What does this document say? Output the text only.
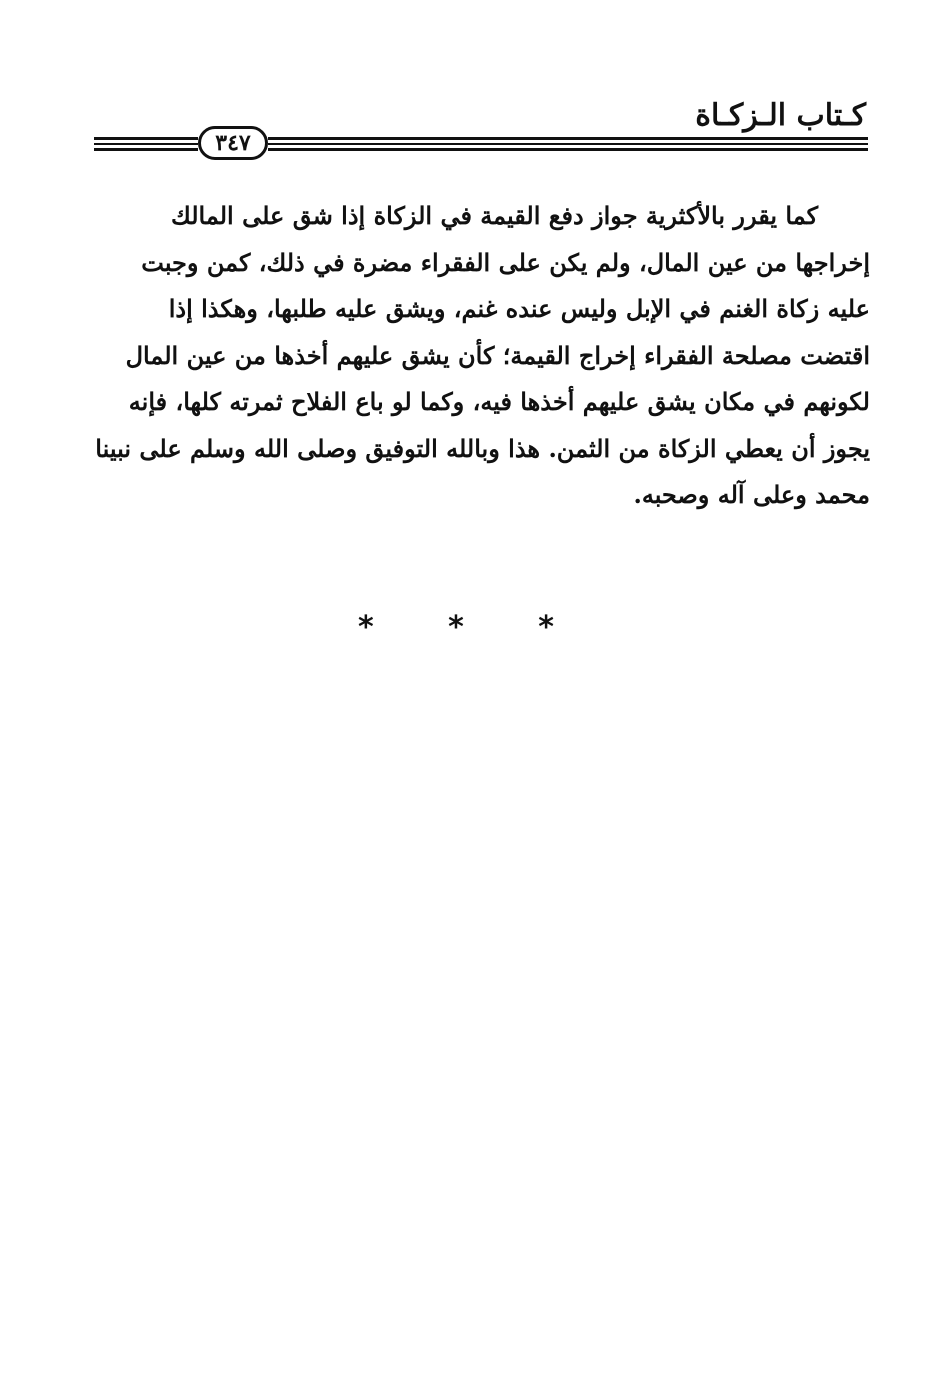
كـتاب الـزكـاة
٣٤٧
كما يقرر بالأكثرية جواز دفع القيمة في الزكاة إذا شق على المالك
إخراجها من عين المال، ولم يكن على الفقراء مضرة في ذلك، كمن وجبت
عليه زكاة الغنم في الإبل وليس عنده غنم، ويشق عليه طلبها، وهكذا إذا
اقتضت مصلحة الفقراء إخراج القيمة؛ كأن يشق عليهم أخذها من عين المال
لكونهم في مكان يشق عليهم أخذها فيه، وكما لو باع الفلاح ثمرته كلها، فإنه
يجوز أن يعطي الزكاة من الثمن. هذا وبالله التوفيق وصلى الله وسلم على نبينا
محمد وعلى آله وصحبه.
* * *
